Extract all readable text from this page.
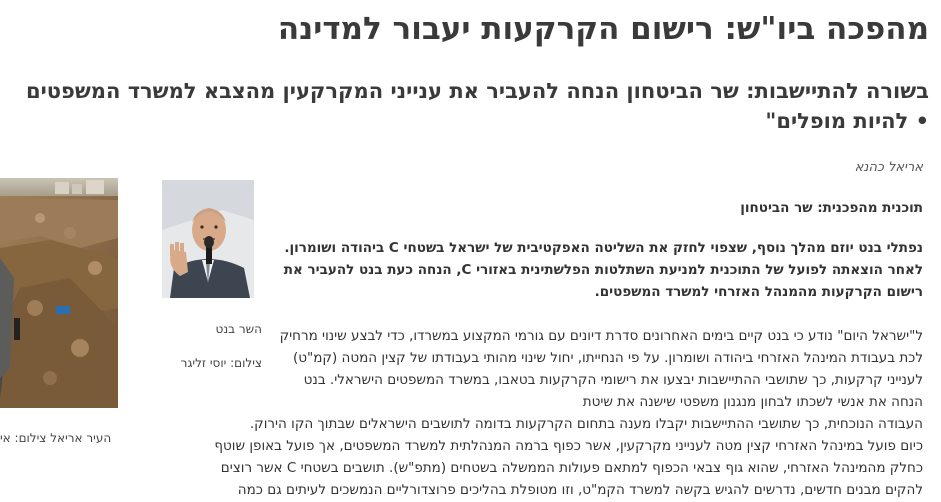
מהפכה ביו"ש: רישום הקרקעות יעבור למדינה
בשורה להתיישבות: שר הביטחון הנחה להעביר את ענייני המקרקעין מהצבא למשרד המשפטים • להיות מופלים"

אריאל כהנא

העיר אריאל צילום: אי

השר בנט

צילום: יוסי זליגר

תוכנית מהפכנית: שר הביטחון

נפתלי בנט יוזם מהלך נוסף, שצפוי לחזק את השליטה האפקטיבית של ישראל בשטחי C ביהודה ושומרון. לאחר הוצאתה לפועל של התוכנית למניעת השתלטות הפלשתינית באזורי C, הנחה כעת בנט להעביר את רישום הקרקעות מהמנהל האזרחי למשרד המשפטים.

ל"ישראל היום" נודע כי בנט קיים בימים האחרונים סדרת דיונים עם גורמי המקצוע במשרדו, כדי לבצע שינוי מרחיק לכת בעבודת המינהל האזרחי ביהודה ושומרון. על פי הנחייתו, יחול שינוי מהותי בעבודתו של קצין המטה (קמ"ט) לענייני קרקעות, כך שתושבי ההתיישבות יבצעו את רישומי הקרקעות בטאבו, במשרד המשפטים הישראלי. בנט הנחה את אנשי לשכתו לבחון מנגנון משפטי שישנה את שיטת

העבודה הנוכחית, כך שתושבי ההתיישבות יקבלו מענה בתחום הקרקעות בדומה לתושבים הישראלים שבתוך הקו הירוק.
כיום פועל במינהל האזרחי קצין מטה לענייני מקרקעין, אשר כפוף ברמה המנהלתית למשרד המשפטים, אך פועל באופן שוטף
כחלק מהמינהל האזרחי, שהוא גוף צבאי הכפוף למתאם פעולות הממשלה בשטחים (מתפ"ש). תושבים בשטחי C אשר רוצים
להקים מבנים חדשים, נדרשים להגיש בקשה למשרד הקמ"ט, וזו מטופלת בהליכים פרוצדורליים הנמשכים לעיתים גם כמה
